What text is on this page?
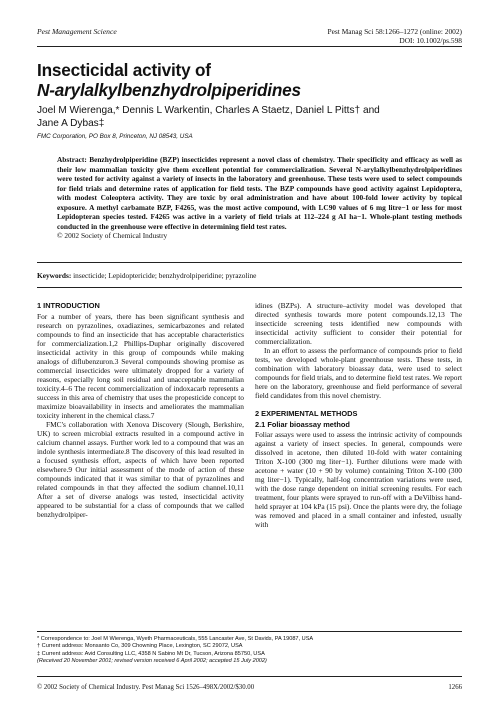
Pest Management Science	Pest Manag Sci 58:1266–1272 (online: 2002)
DOI: 10.1002/ps.598
Insecticidal activity of
N-arylalkylbenzhydrolpiperidines
Joel M Wierenga,* Dennis L Warkentin, Charles A Staetz, Daniel L Pitts† and
Jane A Dybas‡
FMC Corporation, PO Box 8, Princeton, NJ 08543, USA
Abstract: Benzhydrolpiperidine (BZP) insecticides represent a novel class of chemistry. Their specificity and efficacy as well as their low mammalian toxicity give them excellent potential for commercialization. Several N-arylalkylbenzhydrolpiperidines were tested for activity against a variety of insects in the laboratory and greenhouse. These tests were used to select compounds for field trials and determine rates of application for field tests. The BZP compounds have good activity against Lepidoptera, with modest Coleoptera activity. They are toxic by oral administration and have about 100-fold lower activity by topical exposure. A methyl carbamate BZP, F4265, was the most active compound, with LC90 values of 6 mg litre−1 or less for most Lepidopteran species tested. F4265 was active in a variety of field trials at 112–224 g AI ha−1. Whole-plant testing methods conducted in the greenhouse were effective in determining field test rates.
© 2002 Society of Chemical Industry
Keywords: insecticide; Lepidoptericide; benzhydrolpiperidine; pyrazoline
1 INTRODUCTION

For a number of years, there has been significant synthesis and research on pyrazolines, oxadiazines, semicarbazones and related compounds to find an insecticide that has acceptable characteristics for commercialization.1,2 Phillips-Duphar originally discovered insecticidal activity in this group of compounds while making analogs of diflubenzuron.3 Several compounds showing promise as commercial insecticides were ultimately dropped for a variety of reasons, especially long soil residual and unacceptable mammalian toxicity.4–6 The recent commercialization of indoxacarb represents a success in this area of chemistry that uses the propesticide concept to maximize bioavailability in insects and ameliorates the mammalian toxicity inherent in the chemical class.7

FMC's collaboration with Xenova Discovery (Slough, Berkshire, UK) to screen microbial extracts resulted in a compound active in calcium channel assays. Further work led to a compound that was an indole synthesis intermediate.8 The discovery of this lead resulted in a focused synthesis effort, aspects of which have been reported elsewhere.9 Our initial assessment of the mode of action of these compounds indicated that it was similar to that of pyrazolines and related compounds in that they affected the sodium channel.10,11 After a set of diverse analogs was tested, insecticidal activity appeared to be substantial for a class of compounds that we called benzhydrolpiper-

idines (BZPs). A structure–activity model was developed that directed synthesis towards more potent compounds.12,13 The insecticide screening tests identified new compounds with insecticidal activity sufficient to consider their potential for commercialization.

In an effort to assess the performance of compounds prior to field tests, we developed whole-plant greenhouse tests. These tests, in combination with laboratory bioassay data, were used to select compounds for field trials, and to determine field test rates. We report here on the laboratory, greenhouse and field performance of several field candidates from this novel chemistry.

2 EXPERIMENTAL METHODS
2.1 Foliar bioassay method

Foliar assays were used to assess the intrinsic activity of compounds against a variety of insect species. In general, compounds were dissolved in acetone, then diluted 10-fold with water containing Triton X-100 (300 mg liter−1). Further dilutions were made with acetone + water (10 + 90 by volume) containing Triton X-100 (300 mg liter−1). Typically, half-log concentration variations were used, with the dose range dependent on initial screening results. For each treatment, four plants were sprayed to run-off with a DeVilbiss hand-held sprayer at 104 kPa (15 psi). Once the plants were dry, the foliage was removed and placed in a small container and infested, usually with

* Correspondence to: Joel M Wierenga, Wyeth Pharmaceuticals, 555 Lancaster Ave, St Davids, PA 19087, USA
† Current address: Monsanto Co, 309 Chowning Place, Lexington, SC 29072, USA
‡ Current address: Avid Consulting LLC, 4358 N Sabino Mt Dr, Tucson, Arizona 85750, USA
(Received 20 November 2001; revised version received 6 April 2002; accepted 15 July 2002)
© 2002 Society of Chemical Industry. Pest Manag Sci 1526–498X/2002/$30.00	1266
